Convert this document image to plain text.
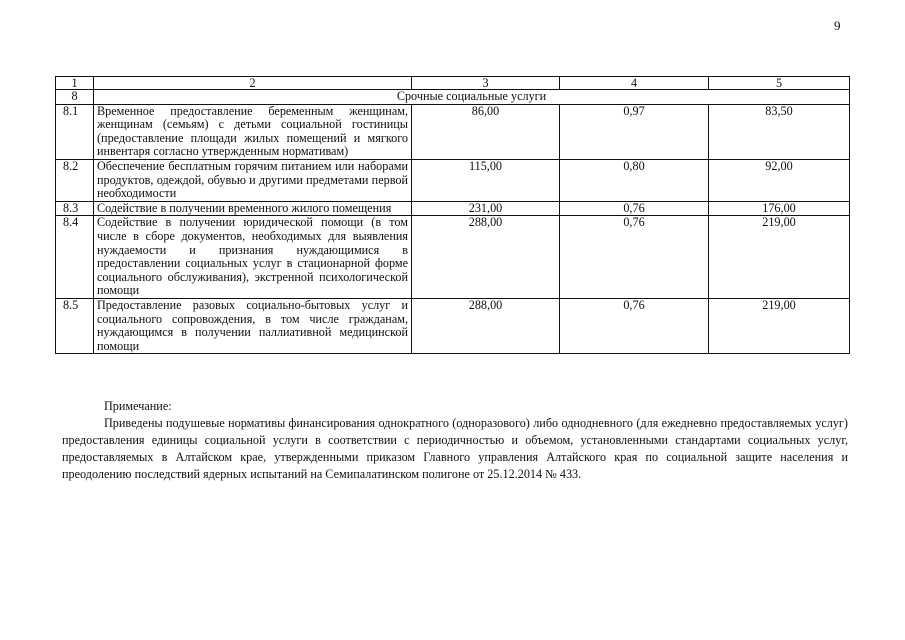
9
1	2	3	4	5
8	Срочные социальные услуги			
8.1	Временное предоставление беременным женщинам, женщинам (семьям) с детьми социальной гостиницы (предоставление площади жилых помещений и мягкого инвентаря согласно утвержденным нормативам)	86,00	0,97	83,50
8.2	Обеспечение бесплатным горячим питанием или наборами продуктов, одеждой, обувью и другими предметами первой необходимости	115,00	0,80	92,00
8.3	Содействие в получении временного жилого помещения	231,00	0,76	176,00
8.4	Содействие в получении юридической помощи (в том числе в сборе документов, необходимых для выявления нуждаемости и признания нуждающимися в предоставлении социальных услуг в стационарной форме социального обслуживания), экстренной психологической помощи	288,00	0,76	219,00
8.5	Предоставление разовых социально-бытовых услуг и социального сопровождения, в том числе гражданам, нуждающимся в получении паллиативной медицинской помощи	288,00	0,76	219,00
Примечание:
Приведены подушевые нормативы финансирования однократного (одноразового) либо однодневного (для ежедневно предоставляемых услуг) предоставления единицы социальной услуги в соответствии с периодичностью и объемом, установленными стандартами социальных услуг, предоставляемых в Алтайском крае, утвержденными приказом Главного управления Алтайского края по социальной защите населения и преодолению последствий ядерных испытаний на Семипалатинском полигоне от 25.12.2014 № 433.
